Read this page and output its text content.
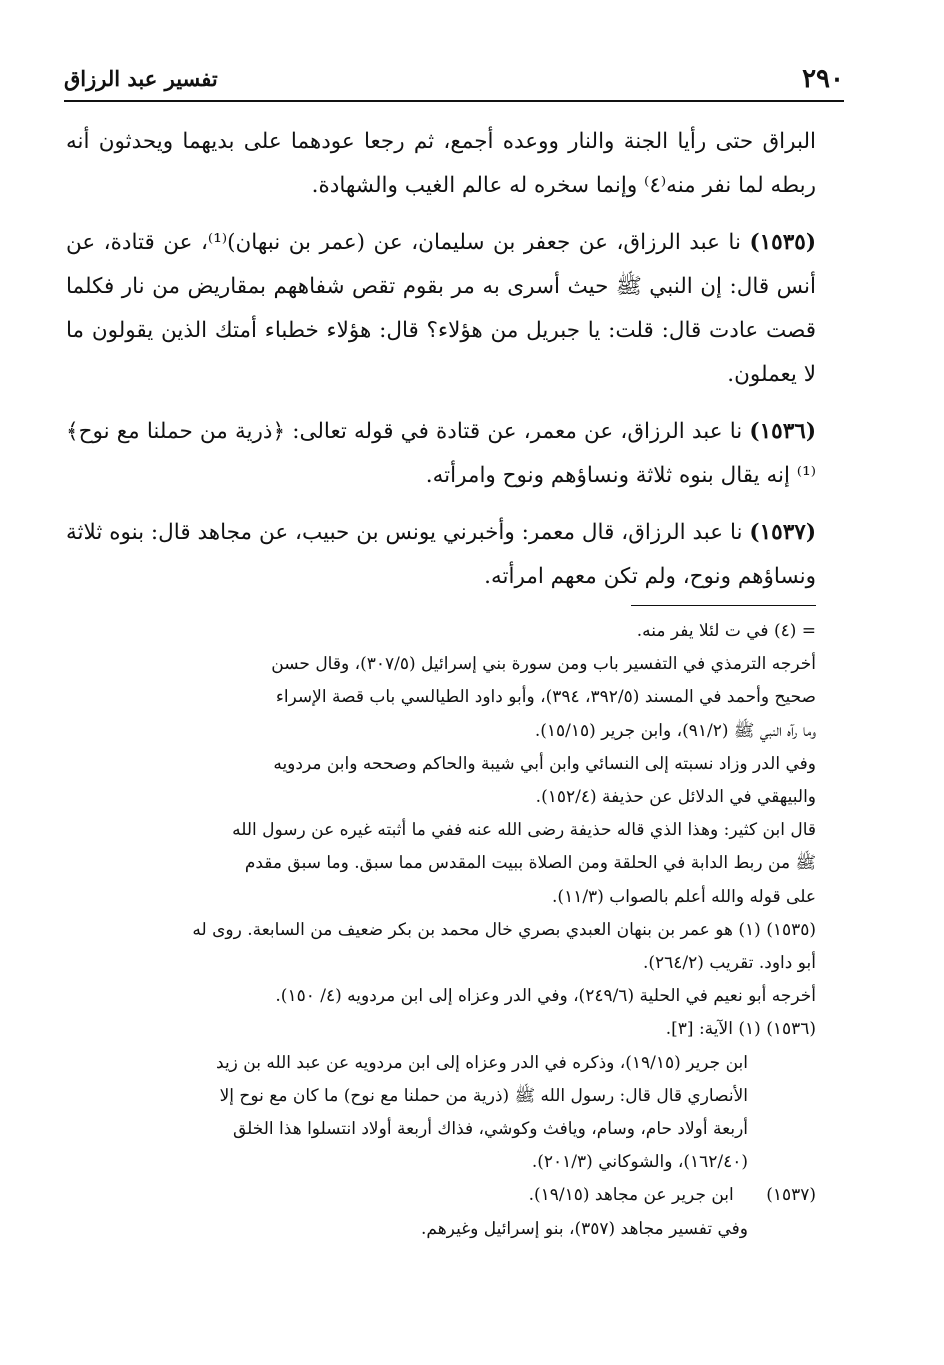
٢٩٠
تفسير عبد الرزاق

البراق حتى رأيا الجنة والنار ووعده أجمع، ثم رجعا عودهما على بديهما ويحدثون أنه ربطه لما نفر منه⁽٤⁾ وإنما سخره له عالم الغيب والشهادة.

(١٥٣٥) نا عبد الرزاق، عن جعفر بن سليمان، عن (عمر بن نبهان)⁽¹⁾، عن قتادة، عن أنس قال: إن النبي ﷺ حيث أسرى به مر بقوم تقص شفاههم بمقاريض من نار فكلما قصت عادت قال: قلت: يا جبريل من هؤلاء؟ قال: هؤلاء خطباء أمتك الذين يقولون ما لا يعملون.

(١٥٣٦) نا عبد الرزاق، عن معمر، عن قتادة في قوله تعالى: ﴿ذرية من حملنا مع نوح﴾⁽¹⁾ إنه يقال بنوه ثلاثة ونساؤهم ونوح وامرأته.

(١٥٣٧) نا عبد الرزاق، قال معمر: وأخبرني يونس بن حبيب، عن مجاهد قال: بنوه ثلاثة ونساؤهم ونوح، ولم تكن معهم امرأته.

= (٤) في ت لئلا يفر منه.
أخرجه الترمذي في التفسير باب ومن سورة بني إسرائيل (٣٠٧/٥)، وقال حسن
صحيح وأحمد في المسند (٣٩٢/٥، ٣٩٤)، وأبو داود الطيالسي باب قصة الإسراء
وما رآه النبي ﷺ (٩١/٢)، وابن جرير (١٥/١٥).
وفي الدر وزاد نسبته إلى النسائي وابن أبي شيبة والحاكم وصححه وابن مردويه
والبيهقي في الدلائل عن حذيفة (١٥٢/٤).
قال ابن كثير: وهذا الذي قاله حذيفة رضى الله عنه ففي ما أثبته غيره عن رسول الله
ﷺ من ربط الدابة في الحلقة ومن الصلاة ببيت المقدس مما سبق. وما سبق مقدم
على قوله والله أعلم بالصواب (١١/٣).
(١٥٣٥) (١) هو عمر بن بنهان العبدي بصري خال محمد بن بكر ضعيف من السابعة. روى له
أبو داود. تقريب (٢٦٤/٢).
أخرجه أبو نعيم في الحلية (٢٤٩/٦)، وفي الدر وعزاه إلى ابن مردويه (٤/ ١٥٠).
(١٥٣٦) (١) الآية: [٣].
ابن جرير (١٩/١٥)، وذكره في الدر وعزاه إلى ابن مردويه عن عبد الله بن زيد
الأنصاري قال قال: رسول الله ﷺ (ذرية من حملنا مع نوح) ما كان مع نوح إلا
أربعة أولاد حام، وسام، ويافث وكوشي، فذاك أربعة أولاد انتسلوا هذا الخلق
(١٦٢/٤٠)، والشوكاني (٢٠١/٣).
(١٥٣٧)      ابن جرير عن مجاهد (١٩/١٥).
وفي تفسير مجاهد (٣٥٧)، بنو إسرائيل وغيرهم.
